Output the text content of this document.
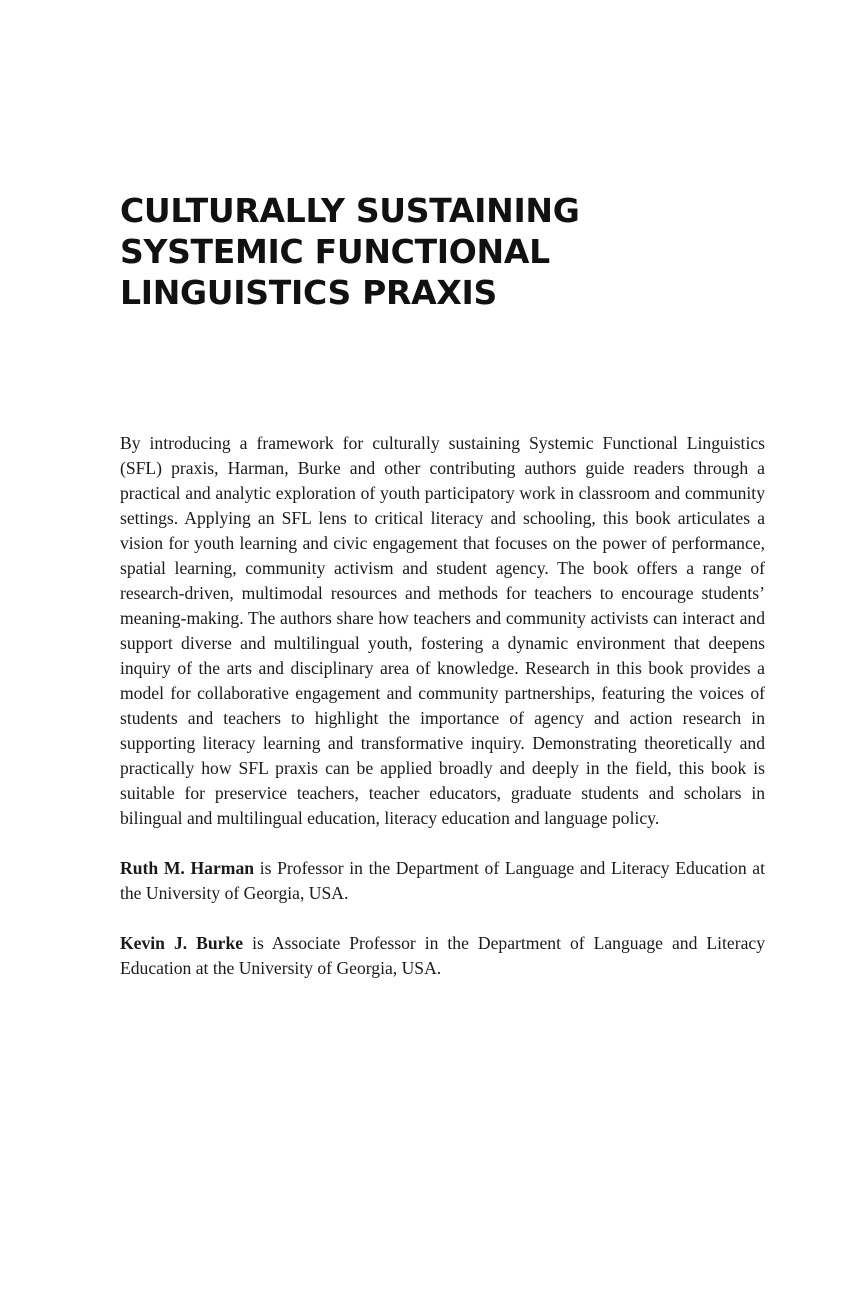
CULTURALLY SUSTAINING
SYSTEMIC FUNCTIONAL
LINGUISTICS PRAXIS

By introducing a framework for culturally sustaining Systemic Functional Linguistics (SFL) praxis, Harman, Burke and other contributing authors guide readers through a practical and analytic exploration of youth participatory work in classroom and community settings. Applying an SFL lens to critical literacy and schooling, this book articulates a vision for youth learning and civic engagement that focuses on the power of performance, spatial learning, community activism and student agency. The book offers a range of research-driven, multimodal resources and methods for teachers to encourage students’ meaning-making. The authors share how teachers and community activists can interact and support diverse and multilingual youth, fostering a dynamic environment that deepens inquiry of the arts and disciplinary area of knowledge. Research in this book provides a model for collaborative engagement and community partnerships, featuring the voices of students and teachers to highlight the importance of agency and action research in supporting literacy learning and transformative inquiry. Demonstrating theoretically and practically how SFL praxis can be applied broadly and deeply in the field, this book is suitable for preservice teachers, teacher educators, graduate students and scholars in bilingual and multilingual education, literacy education and language policy.

Ruth M. Harman is Professor in the Department of Language and Literacy Education at the University of Georgia, USA.

Kevin J. Burke is Associate Professor in the Department of Language and Literacy Education at the University of Georgia, USA.
